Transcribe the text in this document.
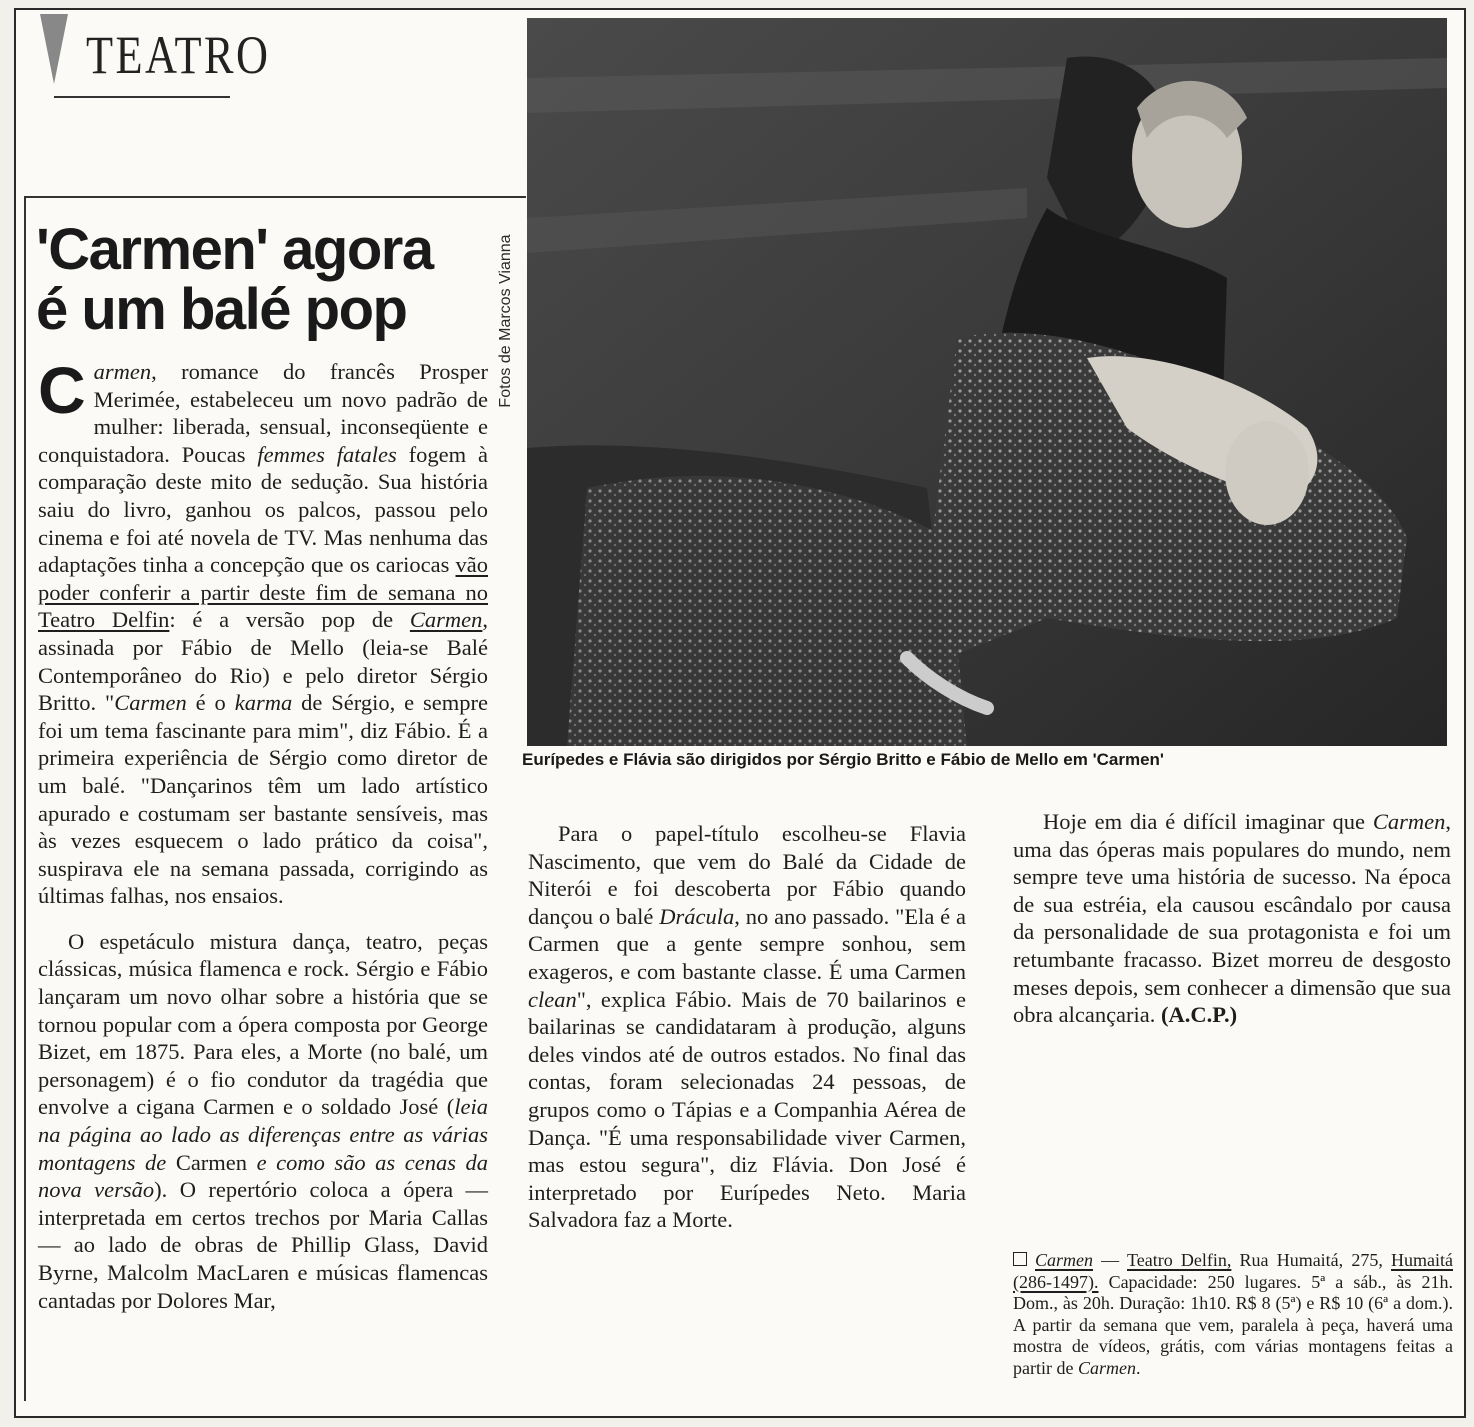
TEATRO
'Carmen' agora
é um balé pop	Fotos de Marcos Vianna

Eurípedes e Flávia são dirigidos por Sérgio Britto e Fábio de Mello em 'Carmen'

Carmen, romance do francês Prosper Merimée, estabeleceu um novo padrão de mulher: liberada, sensual, inconseqüente e conquistadora. Poucas femmes fatales fogem à comparação deste mito de sedução. Sua história saiu do livro, ganhou os palcos, passou pelo cinema e foi até novela de TV. Mas nenhuma das adaptações tinha a concepção que os cariocas vão poder conferir a partir deste fim de semana no Teatro Delfin: é a versão pop de Carmen, assinada por Fábio de Mello (leia-se Balé Contemporâneo do Rio) e pelo diretor Sérgio Britto. "Carmen é o karma de Sérgio, e sempre foi um tema fascinante para mim", diz Fábio. É a primeira experiência de Sérgio como diretor de um balé. "Dançarinos têm um lado artístico apurado e costumam ser bastante sensíveis, mas às vezes esquecem o lado prático da coisa", suspirava ele na semana passada, corrigindo as últimas falhas, nos ensaios.

O espetáculo mistura dança, teatro, peças clássicas, música flamenca e rock. Sérgio e Fábio lançaram um novo olhar sobre a história que se tornou popular com a ópera composta por George Bizet, em 1875. Para eles, a Morte (no balé, um personagem) é o fio condutor da tragédia que envolve a cigana Carmen e o soldado José (leia na página ao lado as diferenças entre as várias montagens de Carmen e como são as cenas da nova versão). O repertório coloca a ópera — interpretada em certos trechos por Maria Callas — ao lado de obras de Phillip Glass, David Byrne, Malcolm MacLaren e músicas flamencas cantadas por Dolores Mar,

Para o papel-título escolheu-se Flavia Nascimento, que vem do Balé da Cidade de Niterói e foi descoberta por Fábio quando dançou o balé Drácula, no ano passado. "Ela é a Carmen que a gente sempre sonhou, sem exageros, e com bastante classe. É uma Carmen clean", explica Fábio. Mais de 70 bailarinos e bailarinas se candidataram à produção, alguns deles vindos até de outros estados. No final das contas, foram selecionadas 24 pessoas, de grupos como o Tápias e a Companhia Aérea de Dança. "É uma responsabilidade viver Carmen, mas estou segura", diz Flávia. Don José é interpretado por Eurípedes Neto. Maria Salvadora faz a Morte.

Hoje em dia é difícil imaginar que Carmen, uma das óperas mais populares do mundo, nem sempre teve uma história de sucesso. Na época de sua estréia, ela causou escândalo por causa da personalidade de sua protagonista e foi um retumbante fracasso. Bizet morreu de desgosto meses depois, sem conhecer a dimensão que sua obra alcançaria. (A.C.P.)

Carmen — Teatro Delfin, Rua Humaitá, 275, Humaitá (286-1497). Capacidade: 250 lugares. 5ª a sáb., às 21h. Dom., às 20h. Duração: 1h10. R$ 8 (5ª) e R$ 10 (6ª a dom.). A partir da semana que vem, paralela à peça, haverá uma mostra de vídeos, grátis, com várias montagens feitas a partir de Carmen.
